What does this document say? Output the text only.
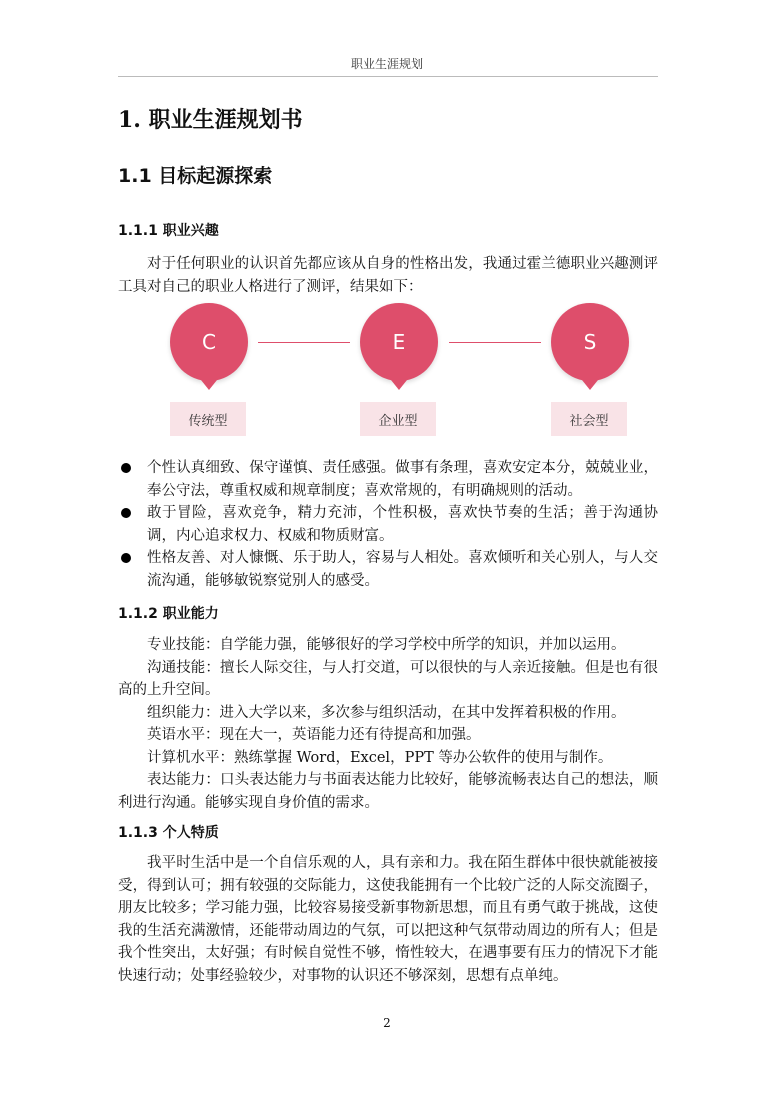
职业生涯规划
1. 职业生涯规划书
1.1 目标起源探索
1.1.1 职业兴趣

对于任何职业的认识首先都应该从自身的性格出发，我通过霍兰德职业兴趣测评工具对自己的职业人格进行了测评，结果如下：

C
传统型
E
企业型
S
社会型
个性认真细致、保守谨慎、责任感强。做事有条理，喜欢安定本分，兢兢业业，奉公守法，尊重权威和规章制度；喜欢常规的，有明确规则的活动。
敢于冒险，喜欢竞争，精力充沛，个性积极，喜欢快节奏的生活；善于沟通协调，内心追求权力、权威和物质财富。
性格友善、对人慷慨、乐于助人，容易与人相处。喜欢倾听和关心别人，与人交流沟通，能够敏锐察觉别人的感受。
1.1.2 职业能力

专业技能：自学能力强，能够很好的学习学校中所学的知识，并加以运用。

沟通技能：擅长人际交往，与人打交道，可以很快的与人亲近接触。但是也有很高的上升空间。

组织能力：进入大学以来，多次参与组织活动，在其中发挥着积极的作用。

英语水平：现在大一，英语能力还有待提高和加强。

计算机水平：熟练掌握 Word，Excel，PPT 等办公软件的使用与制作。

表达能力：口头表达能力与书面表达能力比较好，能够流畅表达自己的想法，顺利进行沟通。能够实现自身价值的需求。

1.1.3 个人特质

我平时生活中是一个自信乐观的人，具有亲和力。我在陌生群体中很快就能被接受，得到认可；拥有较强的交际能力，这使我能拥有一个比较广泛的人际交流圈子，朋友比较多；学习能力强，比较容易接受新事物新思想，而且有勇气敢于挑战，这使我的生活充满激情，还能带动周边的气氛，可以把这种气氛带动周边的所有人；但是我个性突出，太好强；有时候自觉性不够，惰性较大，在遇事要有压力的情况下才能快速行动；处事经验较少，对事物的认识还不够深刻，思想有点单纯。

2
